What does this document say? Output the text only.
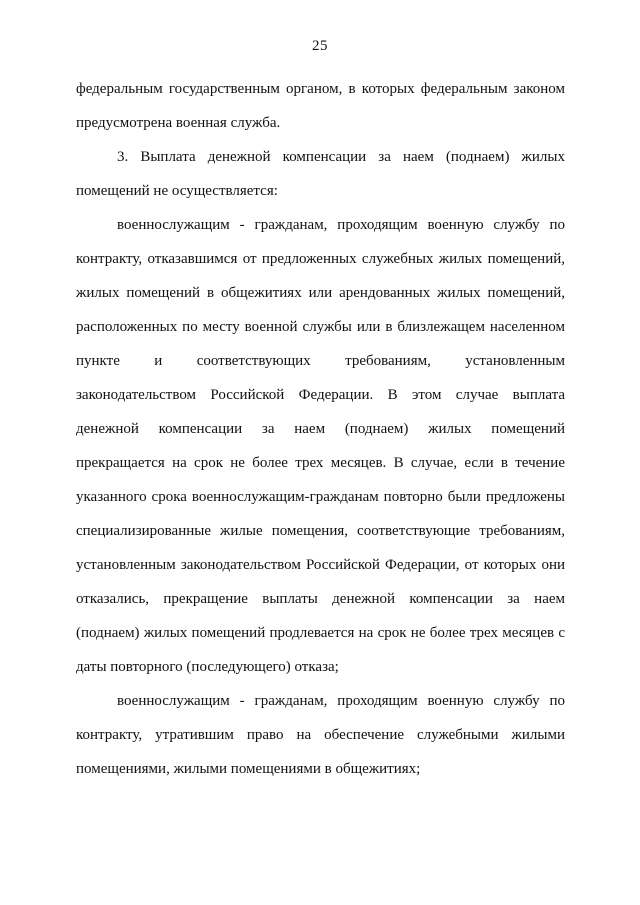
25
федеральным государственным органом, в которых федеральным законом
предусмотрена военная служба.
3. Выплата денежной компенсации за наем (поднаем) жилых
помещений не осуществляется:
военнослужащим - гражданам, проходящим военную службу по
контракту, отказавшимся от предложенных служебных жилых помещений,
жилых помещений в общежитиях или арендованных жилых помещений,
расположенных по месту военной службы или в близлежащем населенном
пункте и соответствующих требованиям, установленным
законодательством Российской Федерации. В этом случае выплата
денежной компенсации за наем (поднаем) жилых помещений
прекращается на срок не более трех месяцев. В случае, если в течение
указанного срока военнослужащим-гражданам повторно были предложены
специализированные жилые помещения, соответствующие требованиям,
установленным законодательством Российской Федерации, от которых они
отказались, прекращение выплаты денежной компенсации за наем
(поднаем) жилых помещений продлевается на срок не более трех месяцев с
даты повторного (последующего) отказа;
военнослужащим - гражданам, проходящим военную службу по
контракту, утратившим право на обеспечение служебными жилыми
помещениями, жилыми помещениями в общежитиях;
